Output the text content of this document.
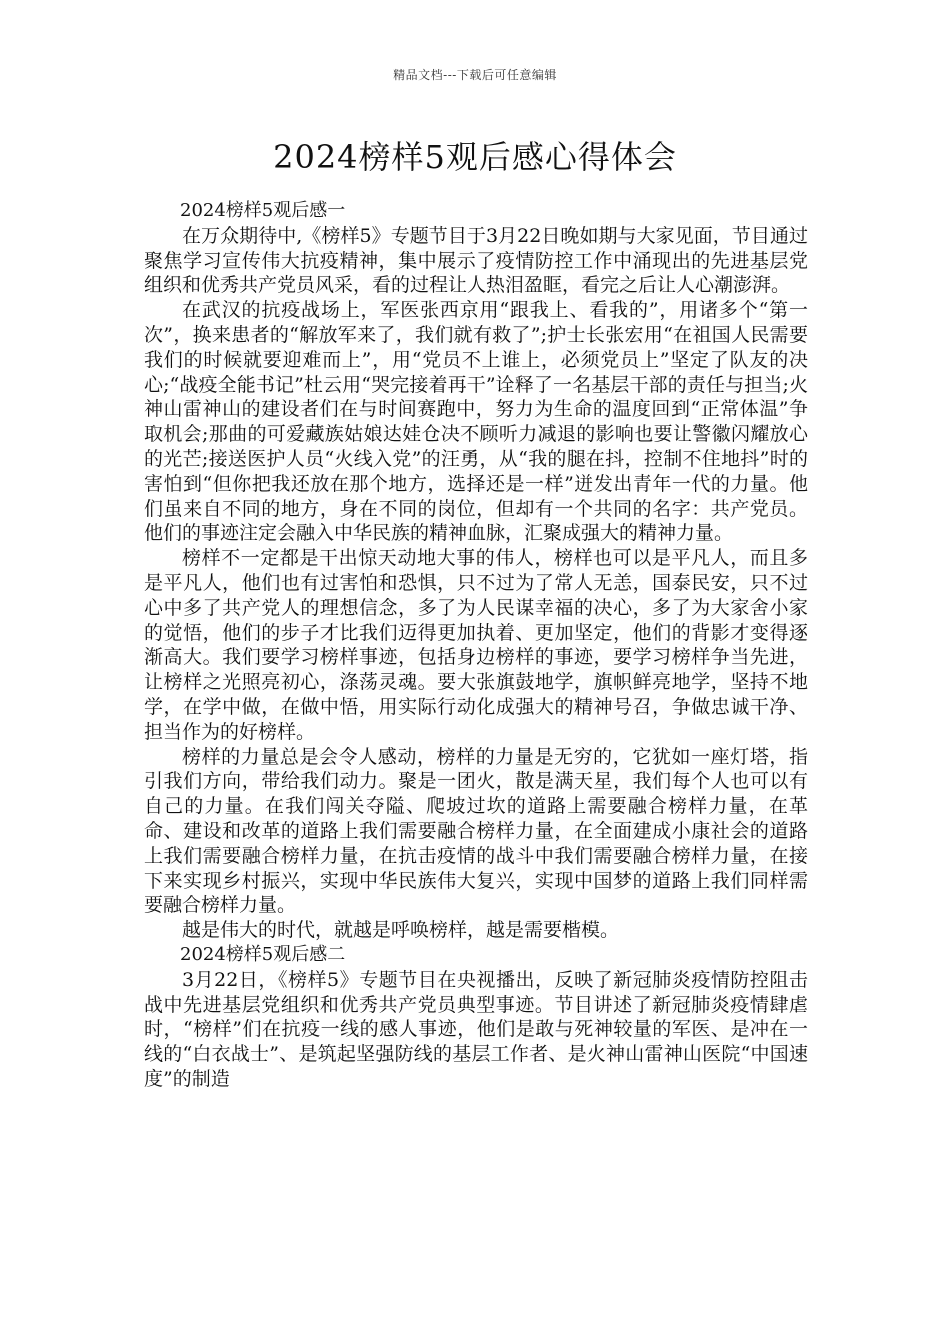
精品文档---下载后可任意编辑
2024榜样5观后感心得体会

2024榜样5观后感一

在万众期待中,《榜样5》专题节目于3月22日晚如期与大家见面，节目通过聚焦学习宣传伟大抗疫精神，集中展示了疫情防控工作中涌现出的先进基层党组织和优秀共产党员风采，看的过程让人热泪盈眶，看完之后让人心潮澎湃。

在武汉的抗疫战场上，军医张西京用“跟我上、看我的”，用诸多个“第一次”，换来患者的“解放军来了，我们就有救了”;护士长张宏用“在祖国人民需要我们的时候就要迎难而上”，用“党员不上谁上，必须党员上”坚定了队友的决心;“战疫全能书记”杜云用“哭完接着再干”诠释了一名基层干部的责任与担当;火神山雷神山的建设者们在与时间赛跑中，努力为生命的温度回到“正常体温”争取机会;那曲的可爱藏族姑娘达娃仓决不顾听力减退的影响也要让警徽闪耀放心的光芒;接送医护人员“火线入党”的汪勇，从“我的腿在抖，控制不住地抖”时的害怕到“但你把我还放在那个地方，选择还是一样”迸发出青年一代的力量。他们虽来自不同的地方，身在不同的岗位，但却有一个共同的名字：共产党员。他们的事迹注定会融入中华民族的精神血脉，汇聚成强大的精神力量。

榜样不一定都是干出惊天动地大事的伟人，榜样也可以是平凡人，而且多是平凡人，他们也有过害怕和恐惧，只不过为了常人无恙，国泰民安，只不过心中多了共产党人的理想信念，多了为人民谋幸福的决心，多了为大家舍小家的觉悟，他们的步子才比我们迈得更加执着、更加坚定，他们的背影才变得逐渐高大。我们要学习榜样事迹，包括身边榜样的事迹，要学习榜样争当先进，让榜样之光照亮初心，涤荡灵魂。要大张旗鼓地学，旗帜鲜亮地学，坚持不地学，在学中做，在做中悟，用实际行动化成强大的精神号召，争做忠诚干净、担当作为的好榜样。

榜样的力量总是会令人感动，榜样的力量是无穷的，它犹如一座灯塔，指引我们方向，带给我们动力。聚是一团火，散是满天星，我们每个人也可以有自己的力量。在我们闯关夺隘、爬坡过坎的道路上需要融合榜样力量，在革命、建设和改革的道路上我们需要融合榜样力量，在全面建成小康社会的道路上我们需要融合榜样力量，在抗击疫情的战斗中我们需要融合榜样力量，在接下来实现乡村振兴，实现中华民族伟大复兴，实现中国梦的道路上我们同样需要融合榜样力量。

越是伟大的时代，就越是呼唤榜样，越是需要楷模。

2024榜样5观后感二

3月22日，《榜样5》专题节目在央视播出，反映了新冠肺炎疫情防控阻击战中先进基层党组织和优秀共产党员典型事迹。节目讲述了新冠肺炎疫情肆虐时，“榜样”们在抗疫一线的感人事迹，他们是敢与死神较量的军医、是冲在一线的“白衣战士”、是筑起坚强防线的基层工作者、是火神山雷神山医院“中国速度”的制造
